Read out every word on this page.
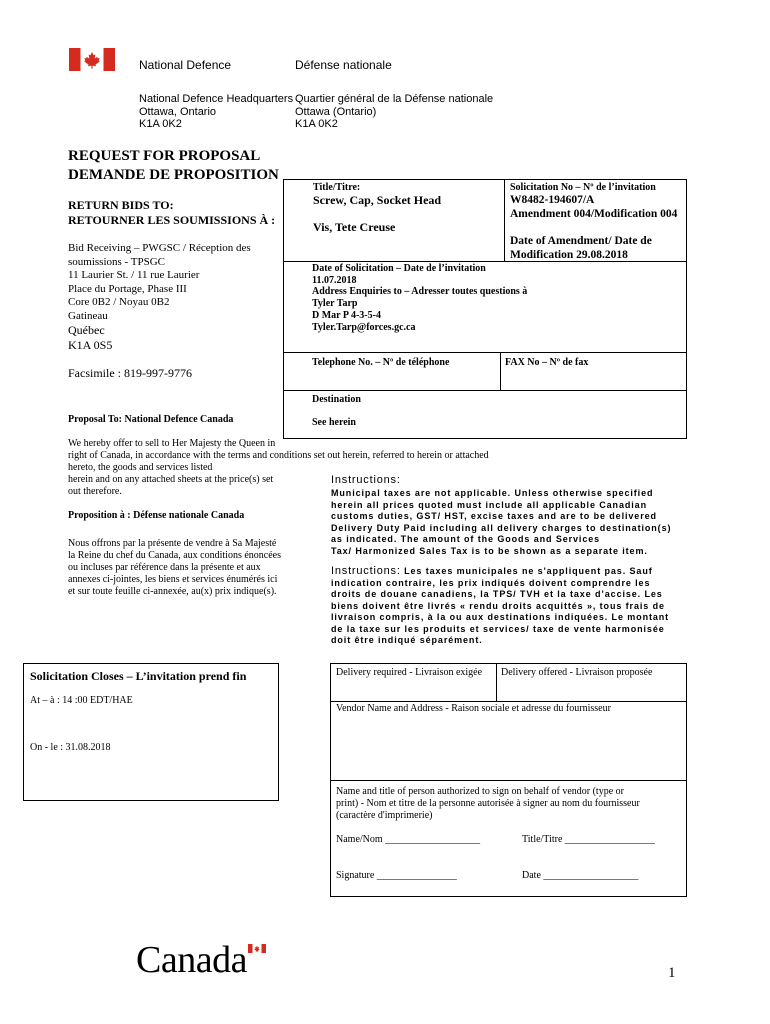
National Defence	Défense nationale
National Defence Headquarters
Ottawa, Ontario
K1A 0K2
Quartier général de la Défense nationale
Ottawa (Ontario)
K1A 0K2
REQUEST FOR PROPOSAL
DEMANDE DE PROPOSITION
RETURN BIDS TO:
RETOURNER LES SOUMISSIONS À :
Bid Receiving – PWGSC / Réception des
soumissions - TPSGC
11 Laurier St. / 11 rue Laurier
Place du Portage, Phase III
Core 0B2 / Noyau 0B2
Gatineau
Québec
K1A 0S5
Facsimile : 819-997-9776
Title/Titre:
Screw, Cap, Socket Head
Vis, Tete Creuse
Solicitation No – Nº de l’invitation
W8482-194607/A
Amendment 004/Modification 004
Date of Amendment/ Date de
Modification 29.08.2018
Date of Solicitation – Date de l’invitation
11.07.2018
Address Enquiries to – Adresser toutes questions à
Tyler Tarp
D Mar P 4-3-5-4
Tyler.Tarp@forces.gc.ca
Telephone No. – Nº de téléphone	FAX No – Nº de fax
Destination
See herein
Proposal To: National Defence Canada
We hereby offer to sell to Her Majesty the Queen in
right of Canada, in accordance with the terms and conditions set out herein, referred to herein or attached
hereto, the goods and services listed
herein and on any attached sheets at the price(s) set
out therefore.
Proposition à : Défense nationale Canada
Nous offrons par la présente de vendre à Sa Majesté
la Reine du chef du Canada, aux conditions énoncées
ou incluses par référence dans la présente et aux
annexes ci-jointes, les biens et services énumérés ici
et sur toute feuille ci-annexée, au(x) prix indique(s).
Instructions:
Municipal taxes are not applicable. Unless otherwise specified
herein all prices quoted must include all applicable Canadian
customs duties, GST/ HST, excise taxes and are to be delivered
Delivery Duty Paid including all delivery charges to destination(s)
as indicated. The amount of the Goods and Services
Tax/ Harmonized Sales Tax is to be shown as a separate item.
Instructions: Les taxes municipales ne s'appliquent pas. Sauf
indication contraire, les prix indiqués doivent comprendre les
droits de douane canadiens, la TPS/ TVH et la taxe d’accise. Les
biens doivent être livrés « rendu droits acquittés », tous frais de
livraison compris, à la ou aux destinations indiquées. Le montant
de la taxe sur les produits et services/ taxe de vente harmonisée
doit être indiqué séparément.
Solicitation Closes – L’invitation prend fin
At – à : 14 :00 EDT/HAE
On - le : 31.08.2018
Delivery required - Livraison exigée Delivery offered - Livraison proposée
Vendor Name and Address - Raison sociale et adresse du fournisseur
Name and title of person authorized to sign on behalf of vendor (type or
print) - Nom et titre de la personne autorisée à signer au nom du fournisseur
(caractère d'imprimerie)
Name/Nom ___________________	Title/Titre __________________
Signature ________________	Date ___________________
Canada	1
